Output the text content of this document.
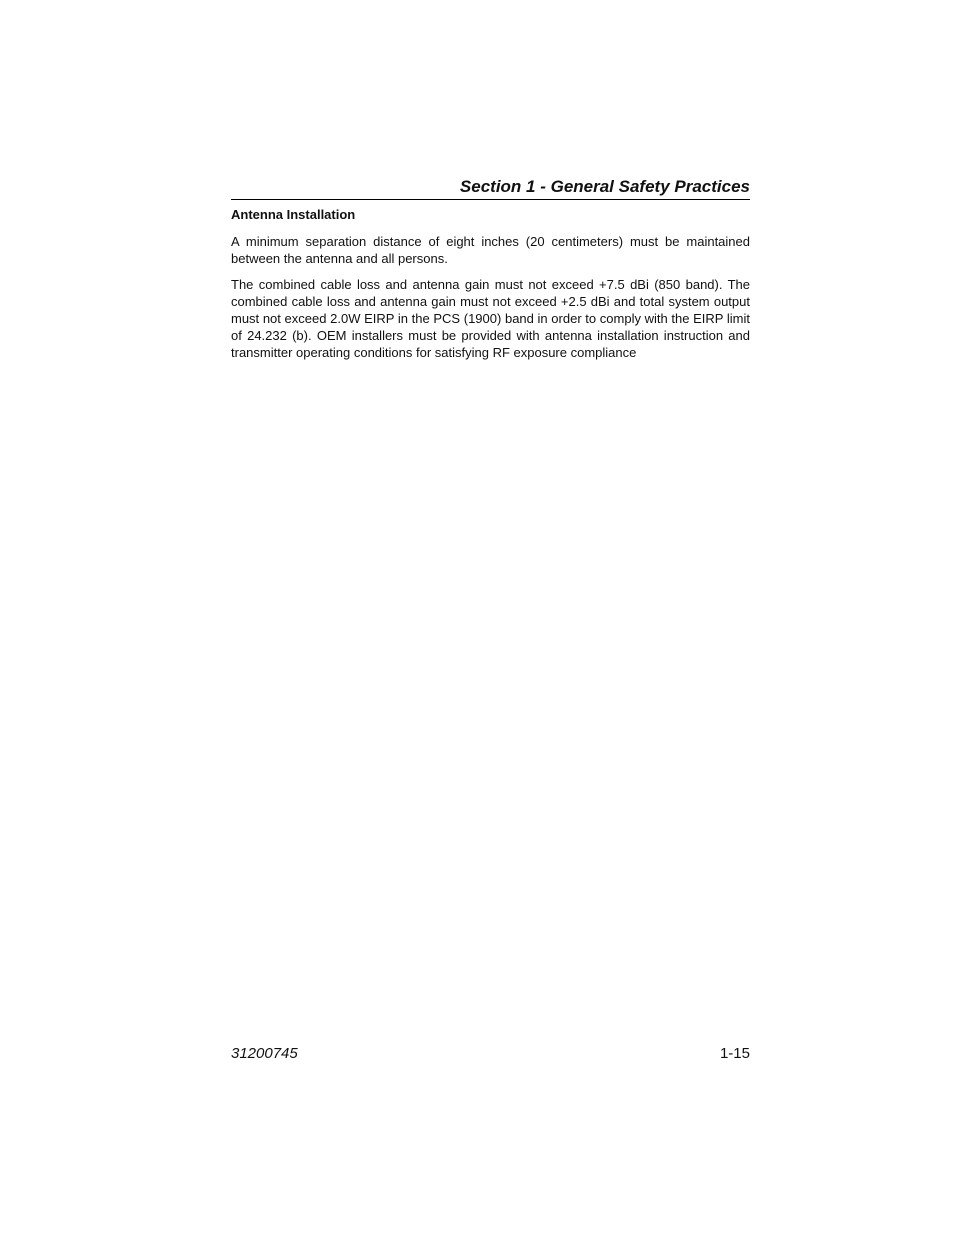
Section 1 - General Safety Practices
Antenna Installation

A minimum separation distance of eight inches (20 centimeters) must be maintained between the antenna and all persons.

The combined cable loss and antenna gain must not exceed +7.5 dBi (850 band). The combined cable loss and antenna gain must not exceed +2.5 dBi and total system output must not exceed 2.0W EIRP in the PCS (1900) band in order to comply with the EIRP limit of 24.232 (b). OEM installers must be provided with antenna installation instruction and transmitter operating conditions for satisfying RF exposure compliance

31200745	1-15
